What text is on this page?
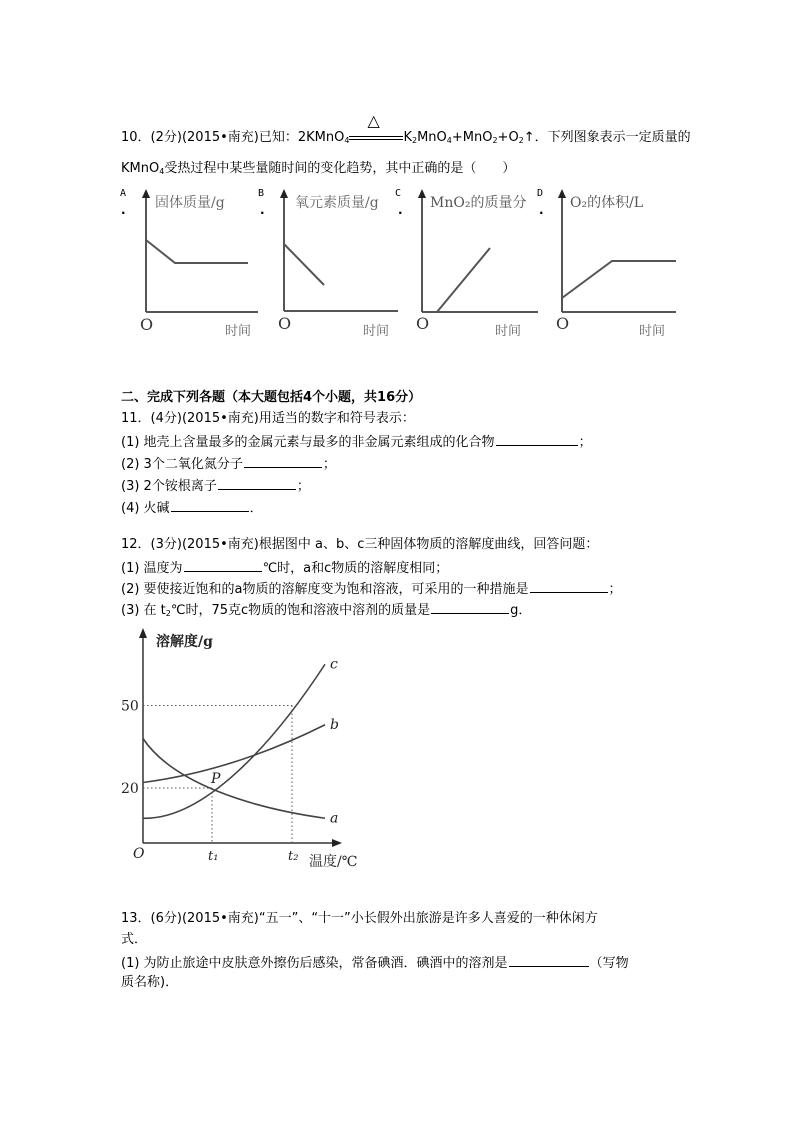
10．(2分)(2015•南充)已知：2KMnO$_4$
△
$K_2MnO_4+MnO_2+O_2↑$．下列图象表示一定质量的
KMnO$_4$受热过程中某些量随时间的变化趋势，其中正确的是（　　）
A
. 固体质量/g
O	时间
B
. 氧元素质量/g
O	时间
C
. MnO₂的质量分
O	时间
D
. O₂的体积/L
O	时间
二、完成下列各题（本大题包括4个小题，共16分）
11．(4分)(2015•南充)用适当的数字和符号表示：
(1) 地壳上含量最多的金属元素与最多的非金属元素组成的化合物	；
(2) 3个二氧化氮分子	；
(3) 2个铵根离子	；
(4) 火碱	．
12．(3分)(2015•南充)根据图中 a、b、c三种固体物质的溶解度曲线，回答问题：
(1) 温度为	℃时，a和c物质的溶解度相同；
(2) 要使接近饱和的a物质的溶解度变为饱和溶液，可采用的一种措施是	；
(3) 在 $t_2℃$时，75克c物质的饱和溶液中溶剂的质量是	g．
a
b
c
20
50
t₁	t₂
P
溶解度/g
温度/℃
O
13．(6分)(2015•南充)“五一”、“十一”小长假外出旅游是许多人喜爱的一种休闲方
式．
(1) 为防止旅途中皮肤意外擦伤后感染，常备碘酒．碘酒中的溶剂是	（写物
质名称)．
